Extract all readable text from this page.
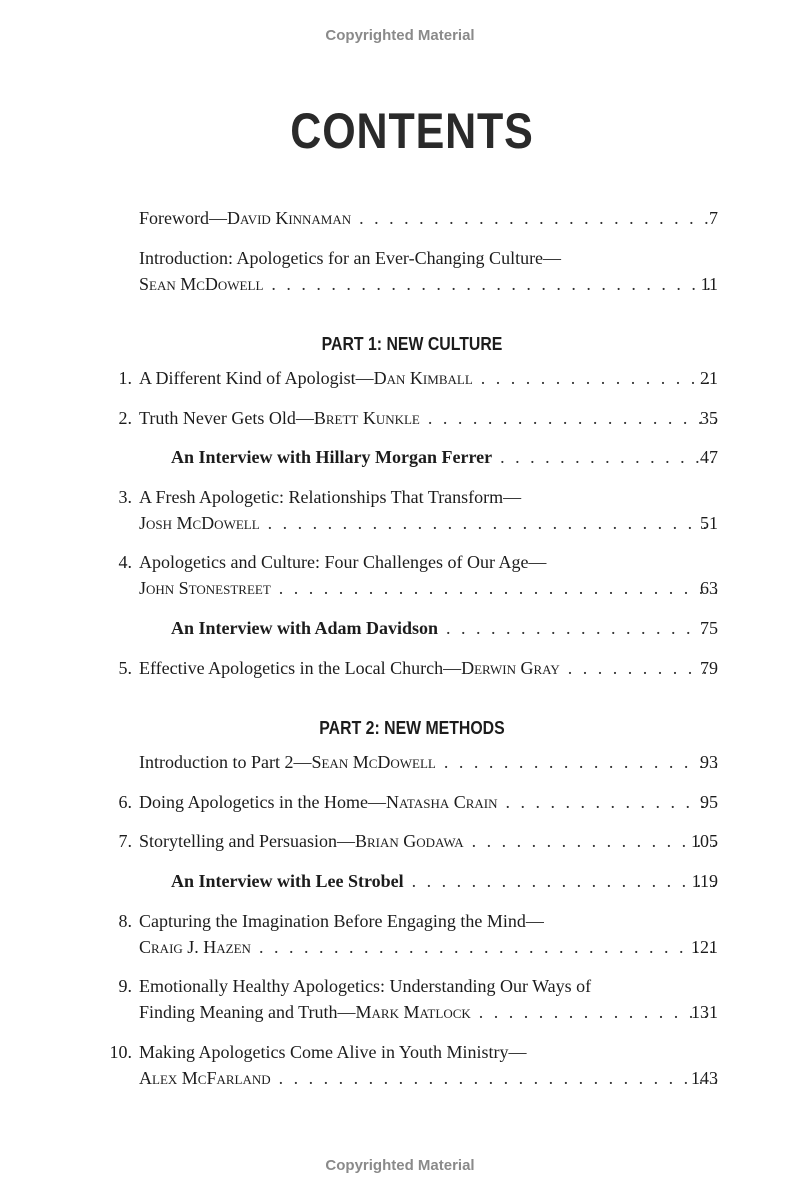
Copyrighted Material
CONTENTS
Foreword—David Kinnaman . . .	7
Introduction: Apologetics for an Ever-Changing Culture—
Sean McDowell . . .	11
PART 1: NEW CULTURE
1. A Different Kind of Apologist—Dan Kimball . . .	21
2. Truth Never Gets Old—Brett Kunkle . . .	35
An Interview with Hillary Morgan Ferrer . . .	47
3. A Fresh Apologetic: Relationships That Transform—
Josh McDowell . . .	51
4. Apologetics and Culture: Four Challenges of Our Age—
John Stonestreet . . .	63
An Interview with Adam Davidson . . .	75
5. Effective Apologetics in the Local Church—Derwin Gray . . .	79
PART 2: NEW METHODS
Introduction to Part 2—Sean McDowell . . .	93
6. Doing Apologetics in the Home—Natasha Crain . . .	95
7. Storytelling and Persuasion—Brian Godawa . . .	105
An Interview with Lee Strobel . . .	119
8. Capturing the Imagination Before Engaging the Mind—
Craig J. Hazen . . .	121
9. Emotionally Healthy Apologetics: Understanding Our Ways of
Finding Meaning and Truth—Mark Matlock . . .	131
10. Making Apologetics Come Alive in Youth Ministry—
Alex McFarland . . .	143
Copyrighted Material
